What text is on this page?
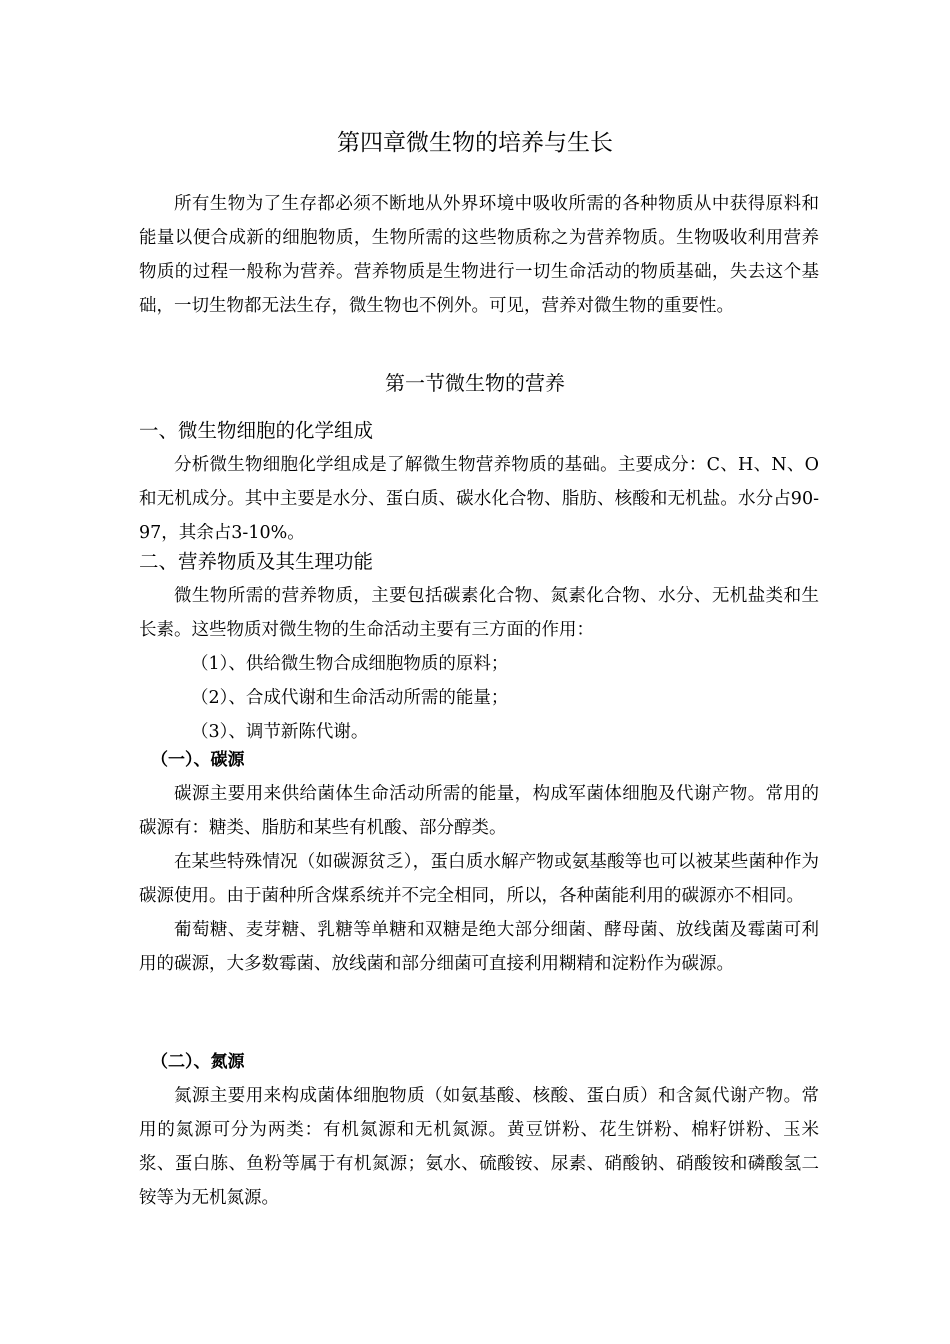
第四章微生物的培养与生长

所有生物为了生存都必须不断地从外界环境中吸收所需的各种物质从中获得原料和能量以便合成新的细胞物质，生物所需的这些物质称之为营养物质。生物吸收利用营养物质的过程一般称为营养。营养物质是生物进行一切生命活动的物质基础，失去这个基础，一切生物都无法生存，微生物也不例外。可见，营养对微生物的重要性。

第一节微生物的营养
一、微生物细胞的化学组成

分析微生物细胞化学组成是了解微生物营养物质的基础。主要成分：C、H、N、O和无机成分。其中主要是水分、蛋白质、碳水化合物、脂肪、核酸和无机盐。水分占90-97，其余占3-10%。

二、营养物质及其生理功能

微生物所需的营养物质，主要包括碳素化合物、氮素化合物、水分、无机盐类和生长素。这些物质对微生物的生命活动主要有三方面的作用：

（1）、供给微生物合成细胞物质的原料；
（2）、合成代谢和生命活动所需的能量；
（3）、调节新陈代谢。
（一）、碳源

碳源主要用来供给菌体生命活动所需的能量，构成军菌体细胞及代谢产物。常用的碳源有：糖类、脂肪和某些有机酸、部分醇类。

在某些特殊情况（如碳源贫乏），蛋白质水解产物或氨基酸等也可以被某些菌种作为碳源使用。由于菌种所含煤系统并不完全相同，所以，各种菌能利用的碳源亦不相同。

葡萄糖、麦芽糖、乳糖等单糖和双糖是绝大部分细菌、酵母菌、放线菌及霉菌可利用的碳源，大多数霉菌、放线菌和部分细菌可直接利用糊精和淀粉作为碳源。

（二）、氮源

氮源主要用来构成菌体细胞物质（如氨基酸、核酸、蛋白质）和含氮代谢产物。常用的氮源可分为两类：有机氮源和无机氮源。黄豆饼粉、花生饼粉、棉籽饼粉、玉米浆、蛋白胨、鱼粉等属于有机氮源；氨水、硫酸铵、尿素、硝酸钠、硝酸铵和磷酸氢二铵等为无机氮源。
